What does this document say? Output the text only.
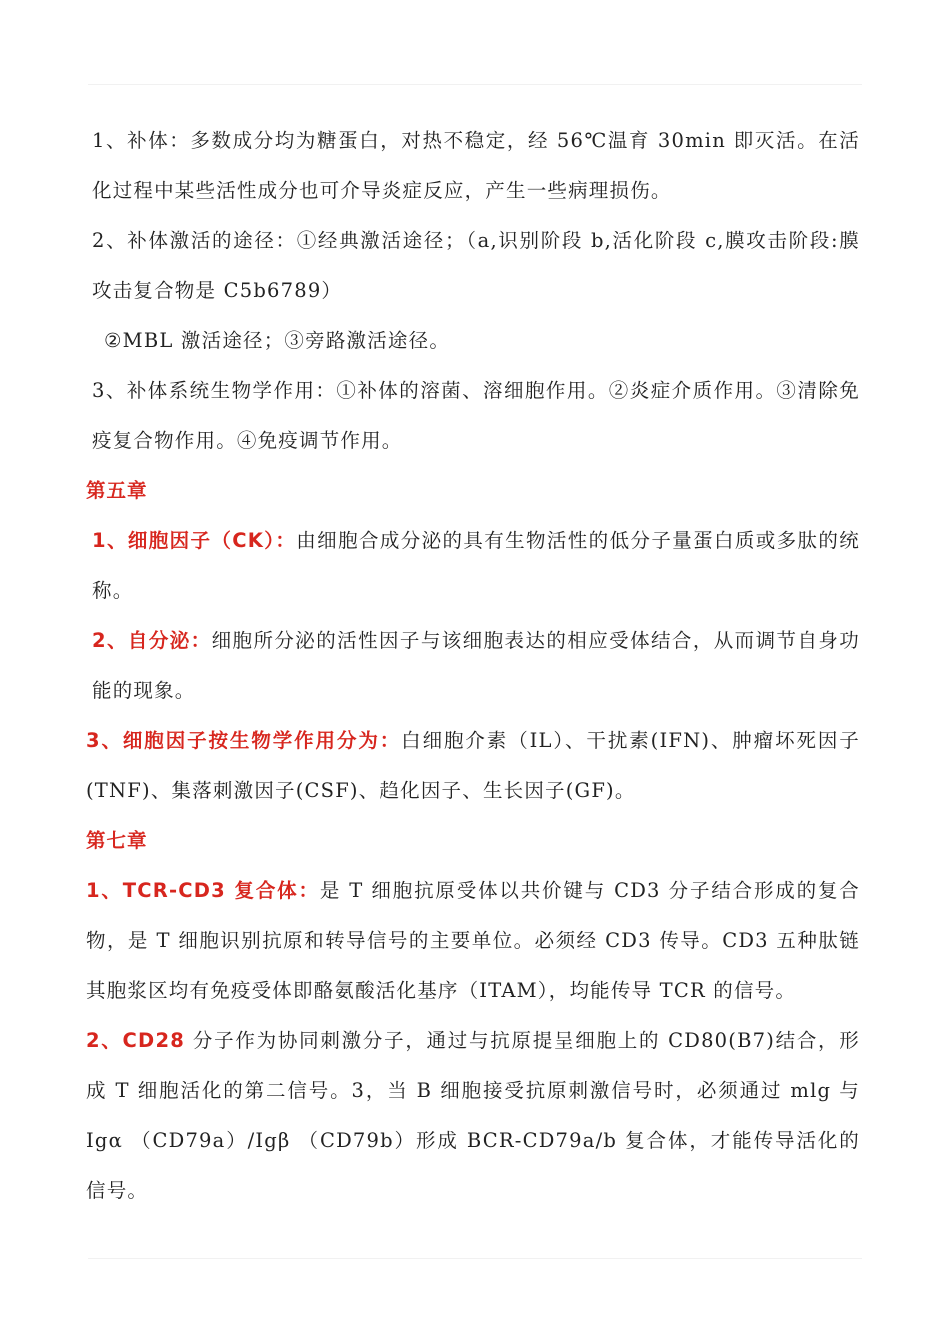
1、补体：多数成分均为糖蛋白，对热不稳定，经 56℃温育 30min 即灭活。在活化过程中某些活性成分也可介导炎症反应，产生一些病理损伤。

2、补体激活的途径：①经典激活途径；（a,识别阶段 b,活化阶段 c,膜攻击阶段:膜攻击复合物是 C5b6789）

②MBL 激活途径；③旁路激活途径。

3、补体系统生物学作用：①补体的溶菌、溶细胞作用。②炎症介质作用。③清除免疫复合物作用。④免疫调节作用。

第五章

1、细胞因子（CK）：由细胞合成分泌的具有生物活性的低分子量蛋白质或多肽的统称。

2、自分泌：细胞所分泌的活性因子与该细胞表达的相应受体结合，从而调节自身功能的现象。

3、细胞因子按生物学作用分为：白细胞介素（IL）、干扰素(IFN)、肿瘤坏死因子(TNF)、集落刺激因子(CSF)、趋化因子、生长因子(GF)。

第七章

1、TCR-CD3 复合体：是 T 细胞抗原受体以共价键与 CD3 分子结合形成的复合物，是 T 细胞识别抗原和转导信号的主要单位。必须经 CD3 传导。CD3 五种肽链其胞浆区均有免疫受体即酪氨酸活化基序（ITAM），均能传导 TCR 的信号。

2、CD28 分子作为协同刺激分子，通过与抗原提呈细胞上的 CD80(B7)结合，形成 T 细胞活化的第二信号。3，当 B 细胞接受抗原刺激信号时，必须通过 mlg 与 Igα （CD79a）/Igβ （CD79b）形成 BCR-CD79a/b 复合体，才能传导活化的信号。
